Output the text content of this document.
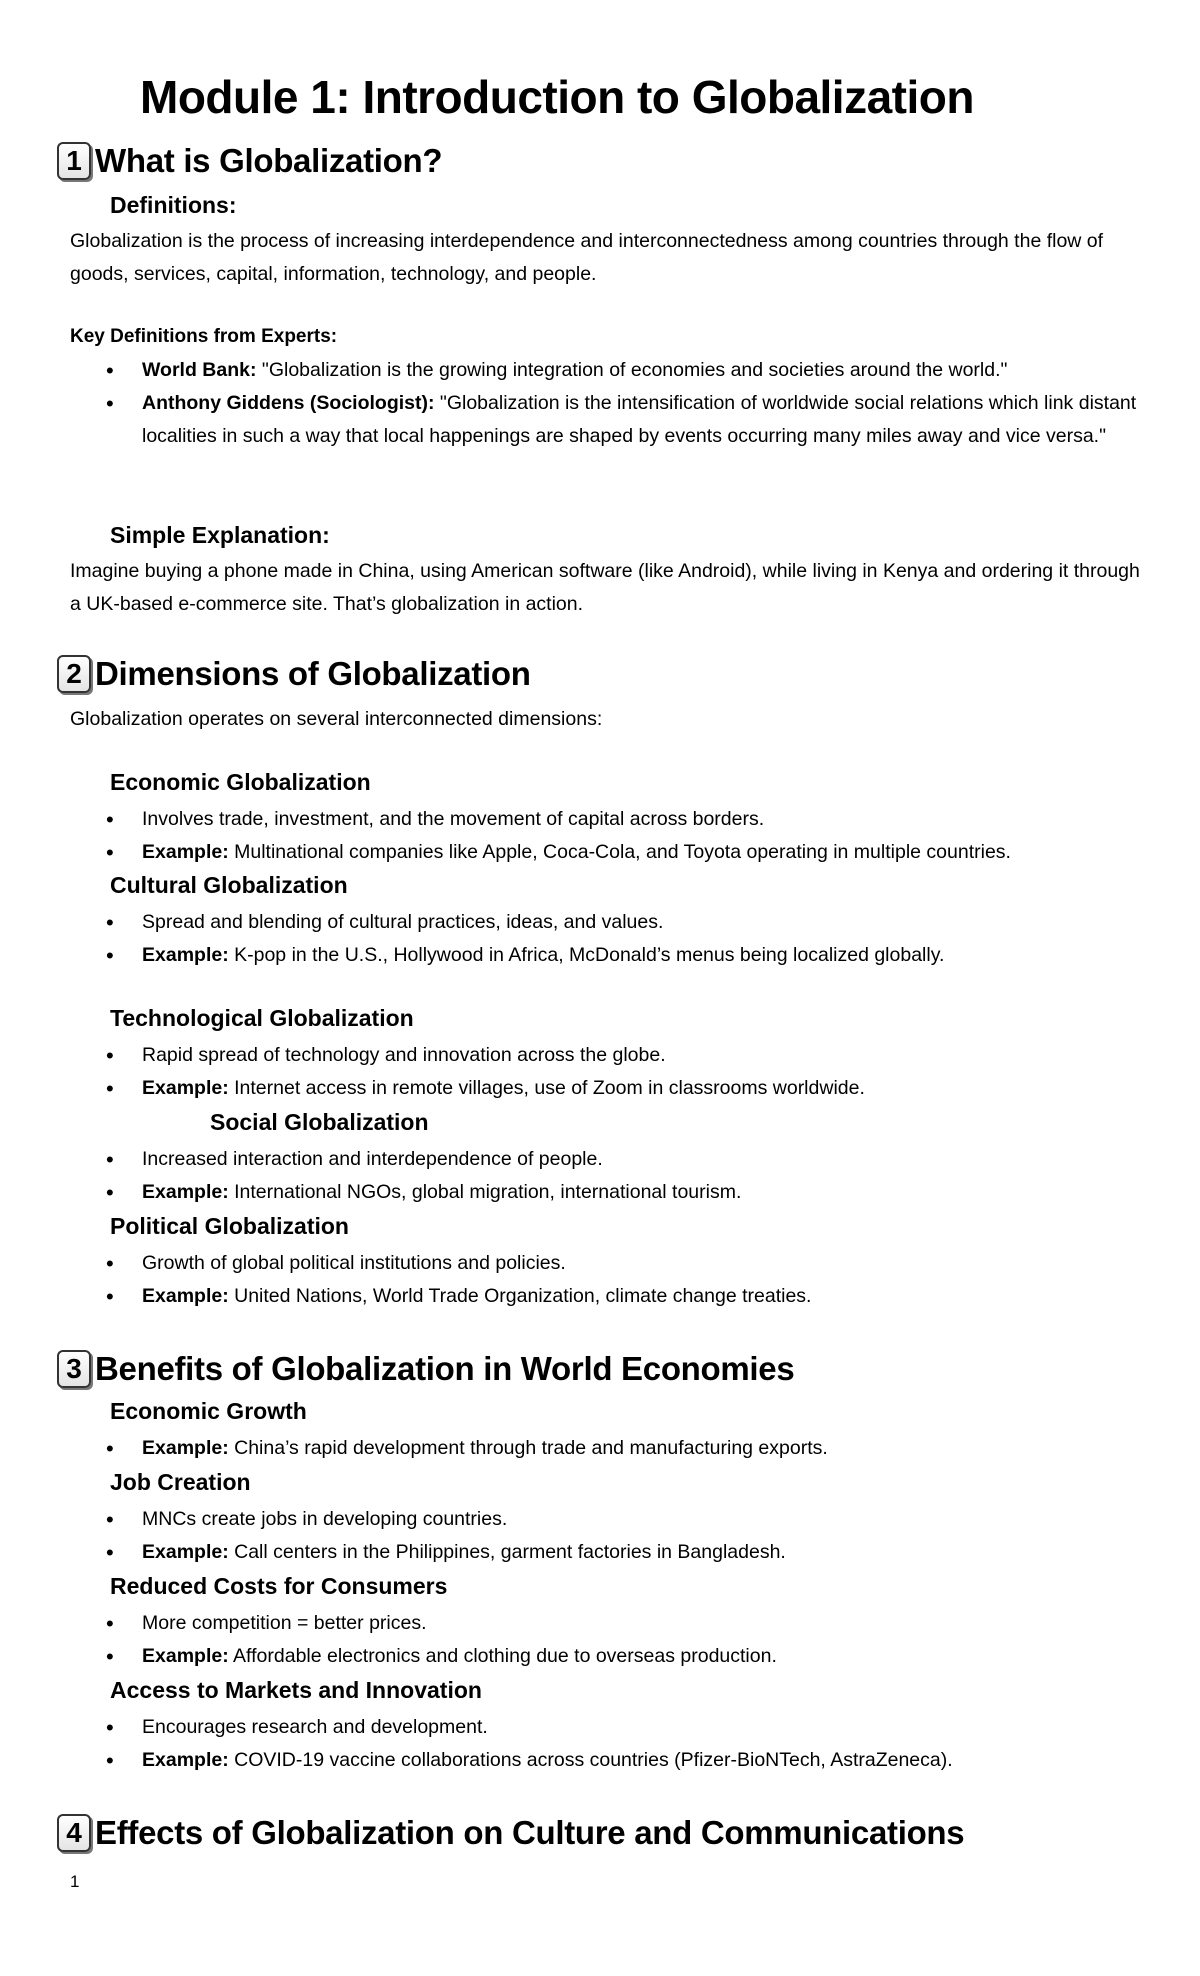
Module 1: Introduction to Globalization
1 What is Globalization?
Definitions:

Globalization is the process of increasing interdependence and interconnectedness among countries through the flow of goods, services, capital, information, technology, and people.

Key Definitions from Experts:

• World Bank: "Globalization is the growing integration of economies and societies around the world."
• Anthony Giddens (Sociologist): "Globalization is the intensification of worldwide social relations which link distant localities in such a way that local happenings are shaped by events occurring many miles away and vice versa."
Simple Explanation:

Imagine buying a phone made in China, using American software (like Android), while living in Kenya and ordering it through a UK-based e-commerce site. That’s globalization in action.

2 Dimensions of Globalization

Globalization operates on several interconnected dimensions:

Economic Globalization
• Involves trade, investment, and the movement of capital across borders.
• Example: Multinational companies like Apple, Coca-Cola, and Toyota operating in multiple countries.
Cultural Globalization
• Spread and blending of cultural practices, ideas, and values.
• Example: K-pop in the U.S., Hollywood in Africa, McDonald’s menus being localized globally.
Technological Globalization
• Rapid spread of technology and innovation across the globe.
• Example: Internet access in remote villages, use of Zoom in classrooms worldwide.
Social Globalization
• Increased interaction and interdependence of people.
• Example: International NGOs, global migration, international tourism.
Political Globalization
• Growth of global political institutions and policies.
• Example: United Nations, World Trade Organization, climate change treaties.
3 Benefits of Globalization in World Economies
Economic Growth
• Example: China’s rapid development through trade and manufacturing exports.
Job Creation
• MNCs create jobs in developing countries.
• Example: Call centers in the Philippines, garment factories in Bangladesh.
Reduced Costs for Consumers
• More competition = better prices.
• Example: Affordable electronics and clothing due to overseas production.
Access to Markets and Innovation
• Encourages research and development.
• Example: COVID-19 vaccine collaborations across countries (Pfizer-BioNTech, AstraZeneca).
4 Effects of Globalization on Culture and Communications
1
